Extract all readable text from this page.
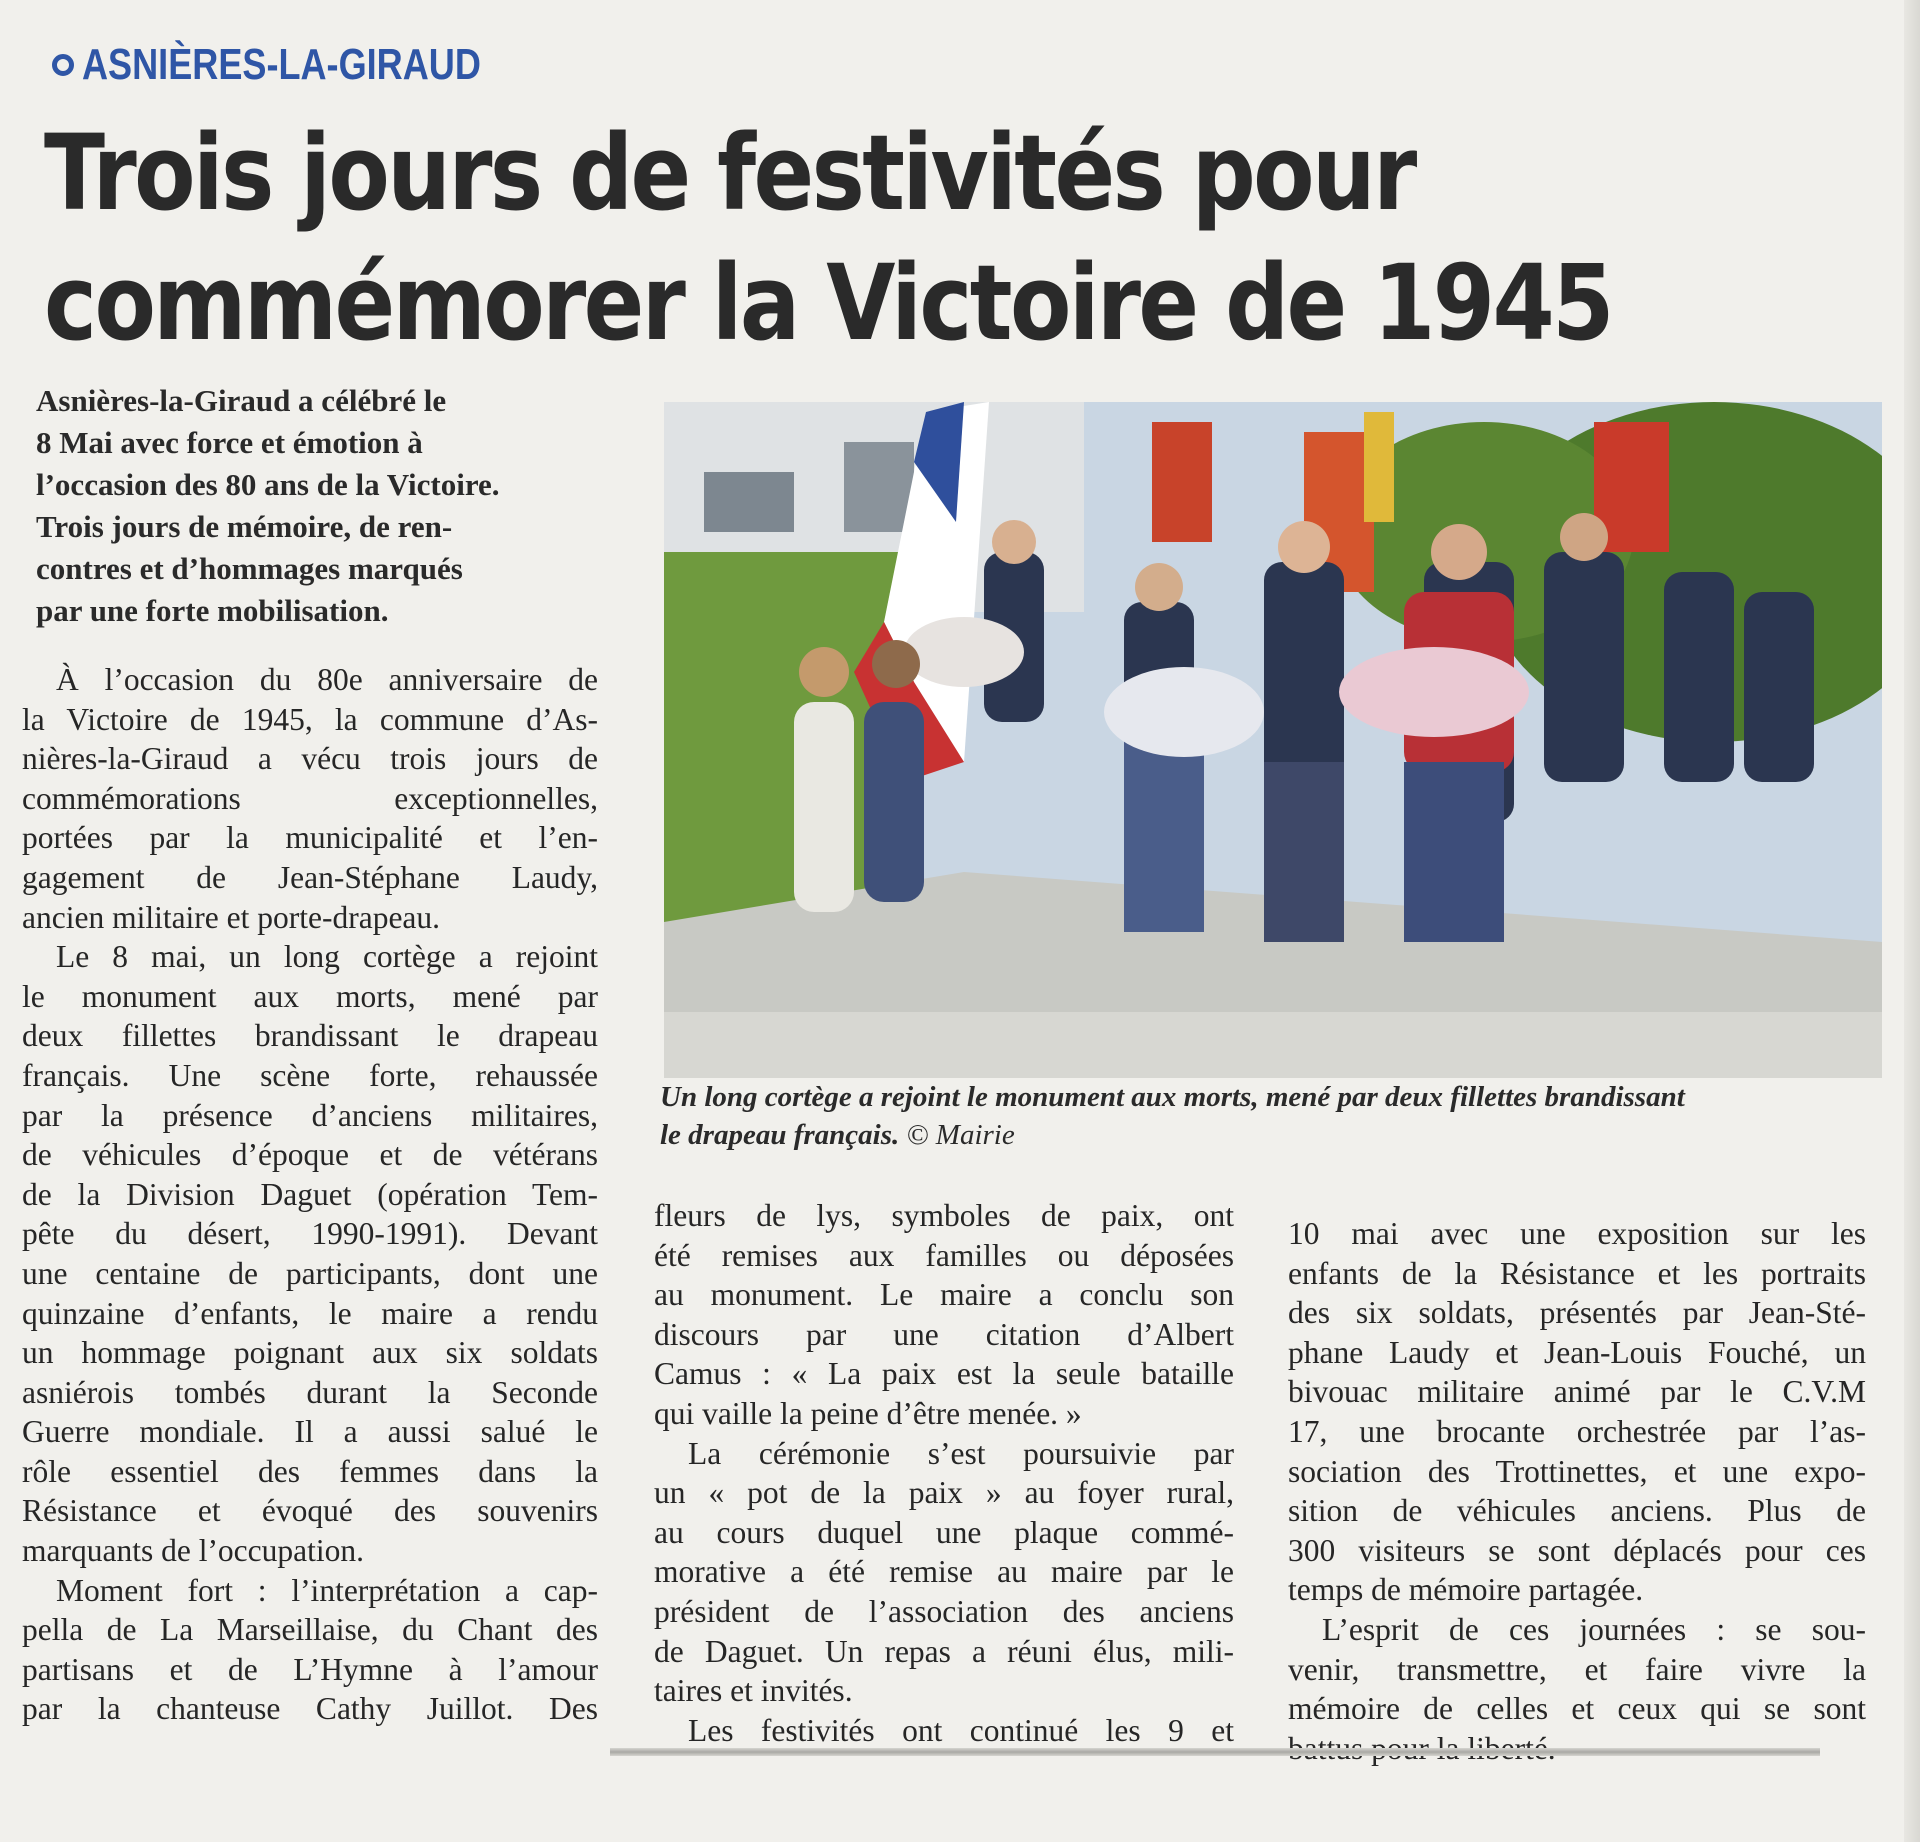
ASNIÈRES-LA-GIRAUD
Trois jours de festivités pour
commémorer la Victoire de 1945

Asnières-la-Giraud a célébré le
8 Mai avec force et émotion à
l’occasion des 80 ans de la Victoire.
Trois jours de mémoire, de ren-
contres et d’hommages marqués
par une forte mobilisation.

Un long cortège a rejoint le monument aux morts, mené par deux fillettes brandissant
le drapeau français. © Mairie
À l’occasion du 80e anniversaire de
la Victoire de 1945, la commune d’As-
nières-la-Giraud a vécu trois jours de
commémorations exceptionnelles,
portées par la municipalité et l’en-
gagement de Jean-Stéphane Laudy,
ancien militaire et porte-drapeau.
Le 8 mai, un long cortège a rejoint
le monument aux morts, mené par
deux fillettes brandissant le drapeau
français. Une scène forte, rehaussée
par la présence d’anciens militaires,
de véhicules d’époque et de vétérans
de la Division Daguet (opération Tem-
pête du désert, 1990-1991). Devant
une centaine de participants, dont une
quinzaine d’enfants, le maire a rendu
un hommage poignant aux six soldats
asniérois tombés durant la Seconde
Guerre mondiale. Il a aussi salué le
rôle essentiel des femmes dans la
Résistance et évoqué des souvenirs
marquants de l’occupation.
Moment fort : l’interprétation a cap-
pella de La Marseillaise, du Chant des
partisans et de L’Hymne à l’amour
par la chanteuse Cathy Juillot. Des
fleurs de lys, symboles de paix, ont
été remises aux familles ou déposées
au monument. Le maire a conclu son
discours par une citation d’Albert
Camus : « La paix est la seule bataille
qui vaille la peine d’être menée. »
La cérémonie s’est poursuivie par
un « pot de la paix » au foyer rural,
au cours duquel une plaque commé-
morative a été remise au maire par le
président de l’association des anciens
de Daguet. Un repas a réuni élus, mili-
taires et invités.
Les festivités ont continué les 9 et
10 mai avec une exposition sur les
enfants de la Résistance et les portraits
des six soldats, présentés par Jean-Sté-
phane Laudy et Jean-Louis Fouché, un
bivouac militaire animé par le C.V.M
17, une brocante orchestrée par l’as-
sociation des Trottinettes, et une expo-
sition de véhicules anciens. Plus de
300 visiteurs se sont déplacés pour ces
temps de mémoire partagée.
L’esprit de ces journées : se sou-
venir, transmettre, et faire vivre la
mémoire de celles et ceux qui se sont
